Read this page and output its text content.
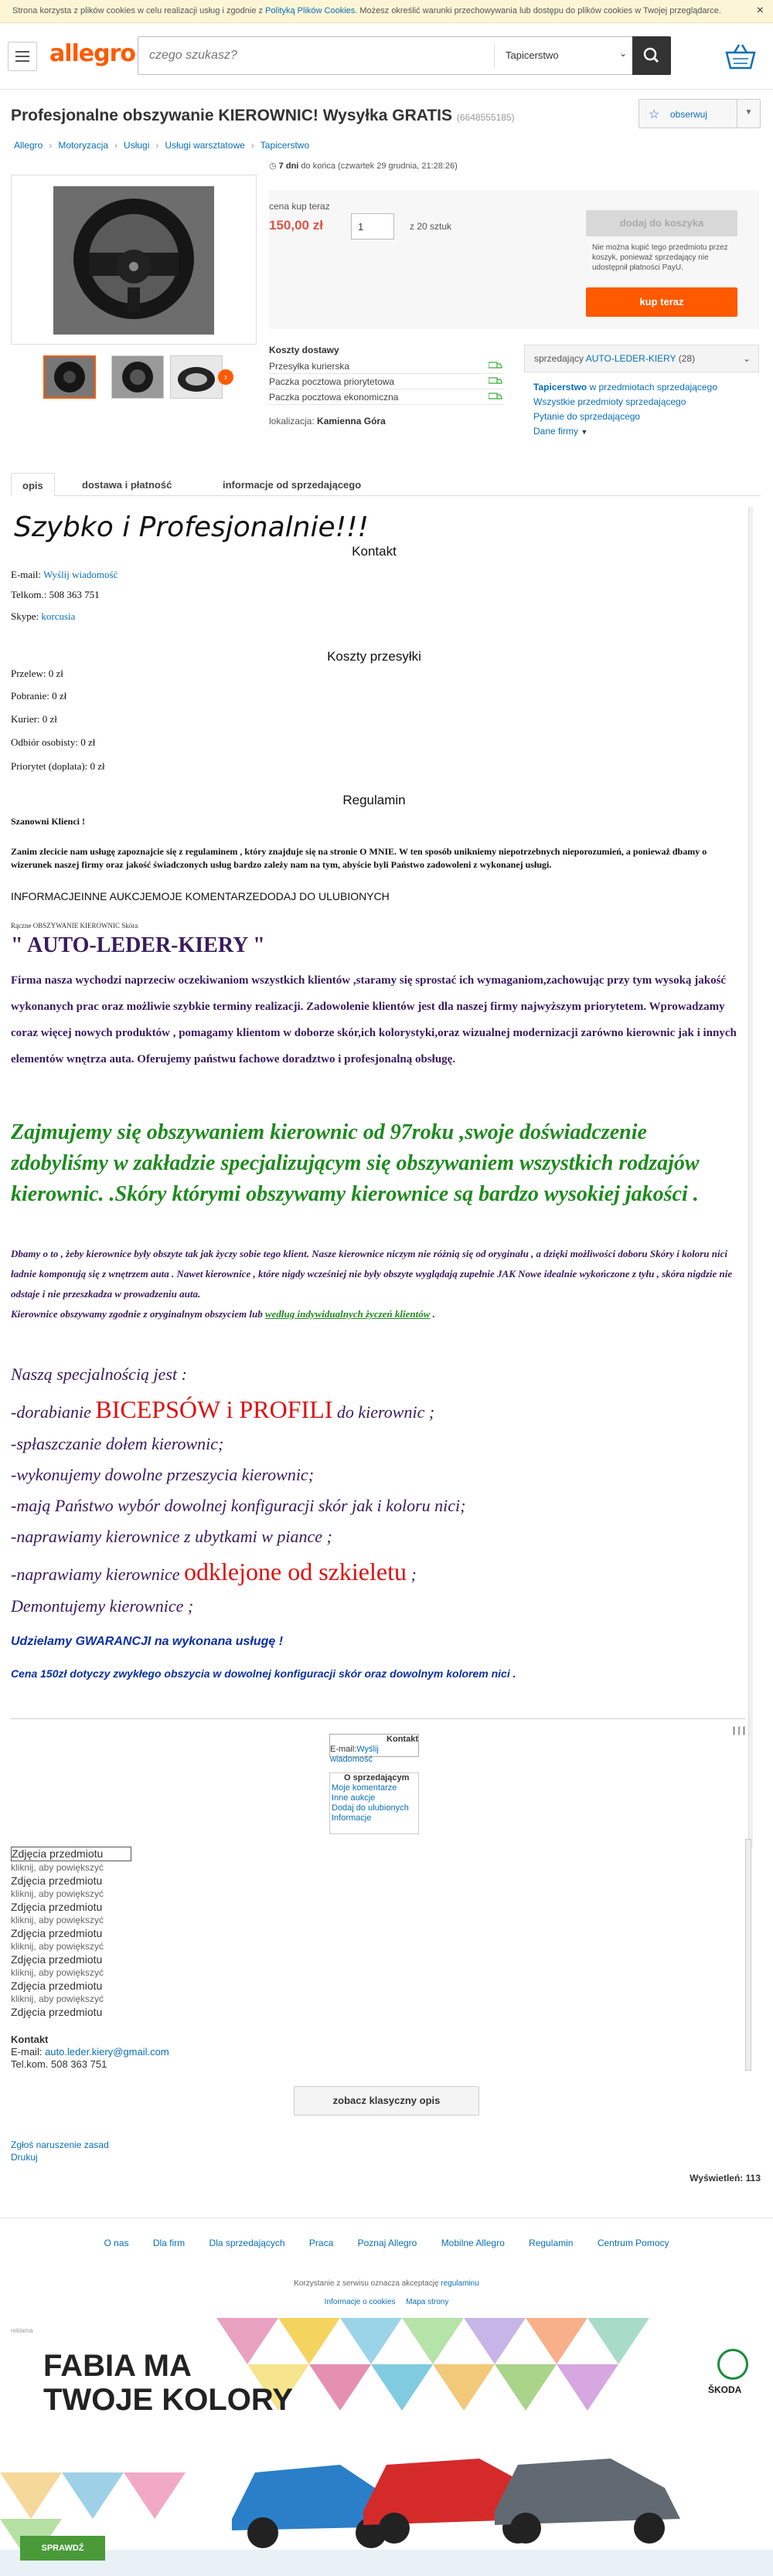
Strona korzysta z plików cookies w celu realizacji usług i zgodnie z Polityką Plików Cookies. Możesz określić warunki przechowywania lub dostępu do plików cookies w Twojej przeglądarce.	×
allegro
czego szukasz?	Tapicerstwo	⌄
Profesjonalne obszywanie KIEROWNIC! Wysyłka GRATIS (6648555185)	☆ obserwuj	▼
Allegro › Motoryzacja › Usługi › Usługi warsztatowe › Tapicerstwo
›
◷ 7 dni do końca (czwartek 29 grudnia, 21:28:26)
cena kup teraz
150,00 zł
1	z 20 sztuk	dodaj do koszyka
Nie można kupić tego przedmiotu przez koszyk, ponieważ sprzedający nie udostępnił płatności PayU.
kup teraz
Koszty dostawy
Przesyłka kurierska
Paczka pocztowa priorytetowa
Paczka pocztowa ekonomiczna
lokalizacja: Kamienna Góra
sprzedający AUTO-LEDER-KIERY (28)	⌄
Tapicerstwo w przedmiotach sprzedającego
Wszystkie przedmioty sprzedającego
Pytanie do sprzedającego
Dane firmy ▼
opis	dostawa i płatność	informacje od sprzedającego
Szybko i Profesjonalnie!!!
Kontakt
E-mail: Wyślij wiadomość
Telkom.: 508 363 751
Skype: korcusia
Koszty przesyłki
Przelew: 0 zł
Pobranie: 0 zł
Kurier: 0 zł
Odbiór osobisty: 0 zł
Priorytet (doplata): 0 zł
Regulamin
Szanowni Klienci !
Zanim zlecicie nam usługę zapoznajcie się z regulaminem , który znajduje się na stronie O MNIE. W ten sposób unikniemy niepotrzebnych nieporozumień, a ponieważ dbamy o wizerunek naszej firmy oraz jakość świadczonych usług bardzo zależy nam na tym, abyście byli Państwo zadowoleni z wykonanej usługi.
INFORMACJEINNE AUKCJEMOJE KOMENTARZEDODAJ DO ULUBIONYCH
Rączne OBSZYWANIE KIEROWNIC Skóra
" AUTO-LEDER-KIERY "
Firma nasza wychodzi naprzeciw oczekiwaniom wszystkich klientów ,staramy się sprostać ich wymaganiom,zachowując przy tym wysoką jakość wykonanych prac oraz możliwie szybkie terminy realizacji. Zadowolenie klientów jest dla naszej firmy najwyższym priorytetem. Wprowadzamy coraz więcej nowych produktów , pomagamy klientom w doborze skór,ich kolorystyki,oraz wizualnej modernizacji zarówno kierownic jak i innych elementów wnętrza auta. Oferujemy państwu fachowe doradztwo i profesjonalną obsługę.
Zajmujemy się obszywaniem kierownic od 97roku ,swoje doświadczenie zdobyliśmy w zakładzie specjalizującym się obszywaniem wszystkich rodzajów kierownic. .Skóry którymi obszywamy kierownice są bardzo wysokiej jakości .
Dbamy o to , żeby kierownice były obszyte tak jak życzy sobie tego klient. Nasze kierownice niczym nie różnią się od oryginału , a dzięki możliwości doboru Skóry i koloru nici ładnie komponują się z wnętrzem auta . Nawet kierownice , które nigdy wcześniej nie były obszyte wyglądają zupełnie JAK Nowe idealnie wykończone z tyłu , skóra nigdzie nie odstaje i nie przeszkadza w prowadzeniu auta.
Kierownice obszywamy zgodnie z oryginalnym obszyciem lub według indywidualnych życzeń klientów .
Naszą specjalnością jest :
-dorabianie BICEPSÓW i PROFILI do kierownic ;
-spłaszczanie dołem kierownic;
-wykonujemy dowolne przeszycia kierownic;
-mają Państwo wybór dowolnej konfiguracji skór jak i koloru nici;
-naprawiamy kierownice z ubytkami w piance ;
-naprawiamy kierownice odklejone od szkieletu ;
Demontujemy kierownice ;
Udzielamy GWARANCJI na wykonana usługę !
Cena 150zł dotyczy zwykłego obszycia w dowolnej konfiguracji skór oraz dowolnym kolorem nici .
| | |
Kontakt
E-mail:Wyślij wiadomość
O sprzedającym
Moje komentarze
Inne aukcje
Dodaj do ulubionych
Informacje
Zdjęcia przedmiotu
kliknij, aby powiększyć
Zdjęcia przedmiotu
kliknij, aby powiększyć
Zdjęcia przedmiotu
kliknij, aby powiększyć
Zdjęcia przedmiotu
kliknij, aby powiększyć
Zdjęcia przedmiotu
kliknij, aby powiększyć
Zdjęcia przedmiotu
kliknij, aby powiększyć
Zdjęcia przedmiotu
Kontakt
E-mail: auto.leder.kiery@gmail.com
Tel.kom. 508 363 751
zobacz klasyczny opis
Zgłoś naruszenie zasad
Drukuj
Wyświetleń: 113
O nas	Dla firm	Dla sprzedających	Praca	Poznaj Allegro	Mobilne Allegro	Regulamin	Centrum Pomocy
Korzystanie z serwisu oznacza akceptację regulaminu
Informacje o cookies Mapa strony
reklama
FABIA MA
TWOJE KOLORY	ŠKODA
SPRAWDŹ
